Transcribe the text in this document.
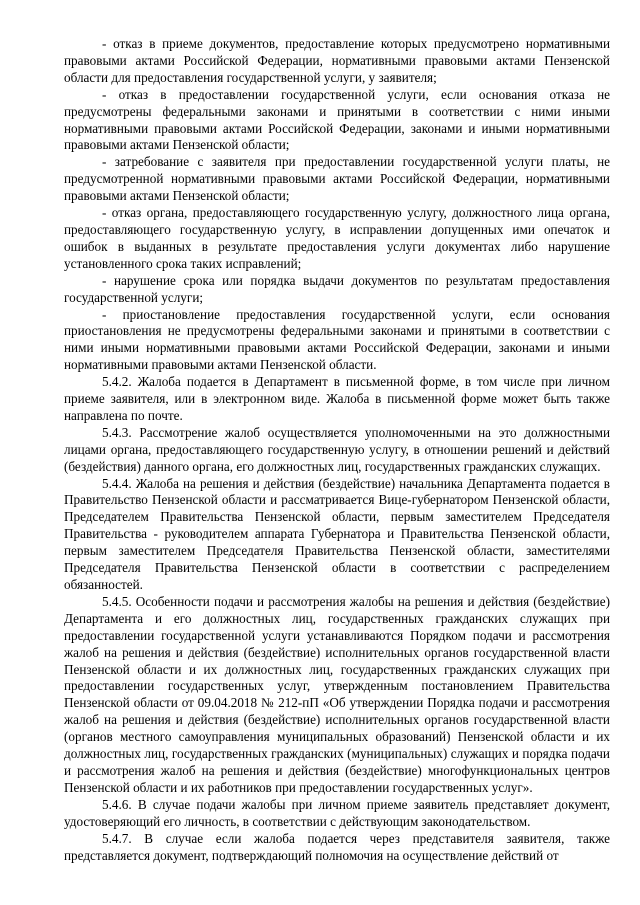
- отказ в приеме документов, предоставление которых предусмотрено нормативными правовыми актами Российской Федерации, нормативными правовыми актами Пензенской области для предоставления государственной услуги, у заявителя;

- отказ в предоставлении государственной услуги, если основания отказа не предусмотрены федеральными законами и принятыми в соответствии с ними иными нормативными правовыми актами Российской Федерации, законами и иными нормативными правовыми актами Пензенской области;

- затребование с заявителя при предоставлении государственной услуги платы, не предусмотренной нормативными правовыми актами Российской Федерации, нормативными правовыми актами Пензенской области;

- отказ органа, предоставляющего государственную услугу, должностного лица органа, предоставляющего государственную услугу, в исправлении допущенных ими опечаток и ошибок в выданных в результате предоставления услуги документах либо нарушение установленного срока таких исправлений;

- нарушение срока или порядка выдачи документов по результатам предоставления государственной услуги;

- приостановление предоставления государственной услуги, если основания приостановления не предусмотрены федеральными законами и принятыми в соответствии с ними иными нормативными правовыми актами Российской Федерации, законами и иными нормативными правовыми актами Пензенской области.

5.4.2. Жалоба подается в Департамент в письменной форме, в том числе при личном приеме заявителя, или в электронном виде. Жалоба в письменной форме может быть также направлена по почте.

5.4.3. Рассмотрение жалоб осуществляется уполномоченными на это должностными лицами органа, предоставляющего государственную услугу, в отношении решений и действий (бездействия) данного органа, его должностных лиц, государственных гражданских служащих.

5.4.4. Жалоба на решения и действия (бездействие) начальника Департамента подается в Правительство Пензенской области и рассматривается Вице-губернатором Пензенской области, Председателем Правительства Пензенской области, первым заместителем Председателя Правительства - руководителем аппарата Губернатора и Правительства Пензенской области, первым заместителем Председателя Правительства Пензенской области, заместителями Председателя Правительства Пензенской области в соответствии с распределением обязанностей.

5.4.5. Особенности подачи и рассмотрения жалобы на решения и действия (бездействие) Департамента и его должностных лиц, государственных гражданских служащих при предоставлении государственной услуги устанавливаются Порядком подачи и рассмотрения жалоб на решения и действия (бездействие) исполнительных органов государственной власти Пензенской области и их должностных лиц, государственных гражданских служащих при предоставлении государственных услуг, утвержденным постановлением Правительства Пензенской области от 09.04.2018 № 212-пП «Об утверждении Порядка подачи и рассмотрения жалоб на решения и действия (бездействие) исполнительных органов государственной власти (органов местного самоуправления муниципальных образований) Пензенской области и их должностных лиц, государственных гражданских (муниципальных) служащих и порядка подачи и рассмотрения жалоб на решения и действия (бездействие) многофункциональных центров Пензенской области и их работников при предоставлении государственных услуг».

5.4.6. В случае подачи жалобы при личном приеме заявитель представляет документ, удостоверяющий его личность, в соответствии с действующим законодательством.

5.4.7. В случае если жалоба подается через представителя заявителя, также представляется документ, подтверждающий полномочия на осуществление действий от
